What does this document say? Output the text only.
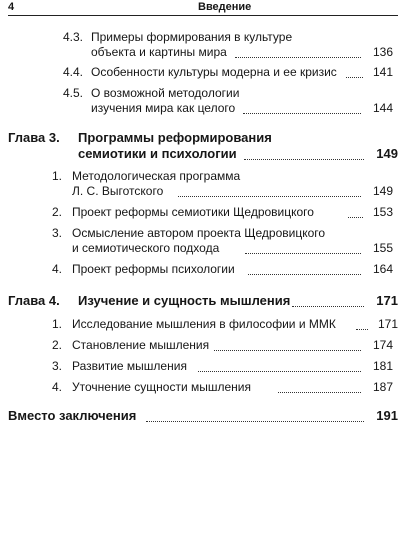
4	Введение
4.3. Примеры формирования в культуре
объекта и картины мира	136
4.4. Особенности культуры модерна и ее кризис	141
4.5. О возможной методологии
изучения мира как целого	144
Глава 3. Программы реформирования
семиотики и психологии	149
1. Методологическая программа
Л. С. Выготского	149
2. Проект реформы семиотики Щедровицкого	153
3. Осмысление автором проекта Щедровицкого
и семиотического подхода	155
4. Проект реформы психологии	164
Глава 4. Изучение и сущность мышления	171
1. Исследование мышления в философии и ММК	171
2. Становление мышления	174
3. Развитие мышления	181
4. Уточнение сущности мышления	187
Вместо заключения	191
